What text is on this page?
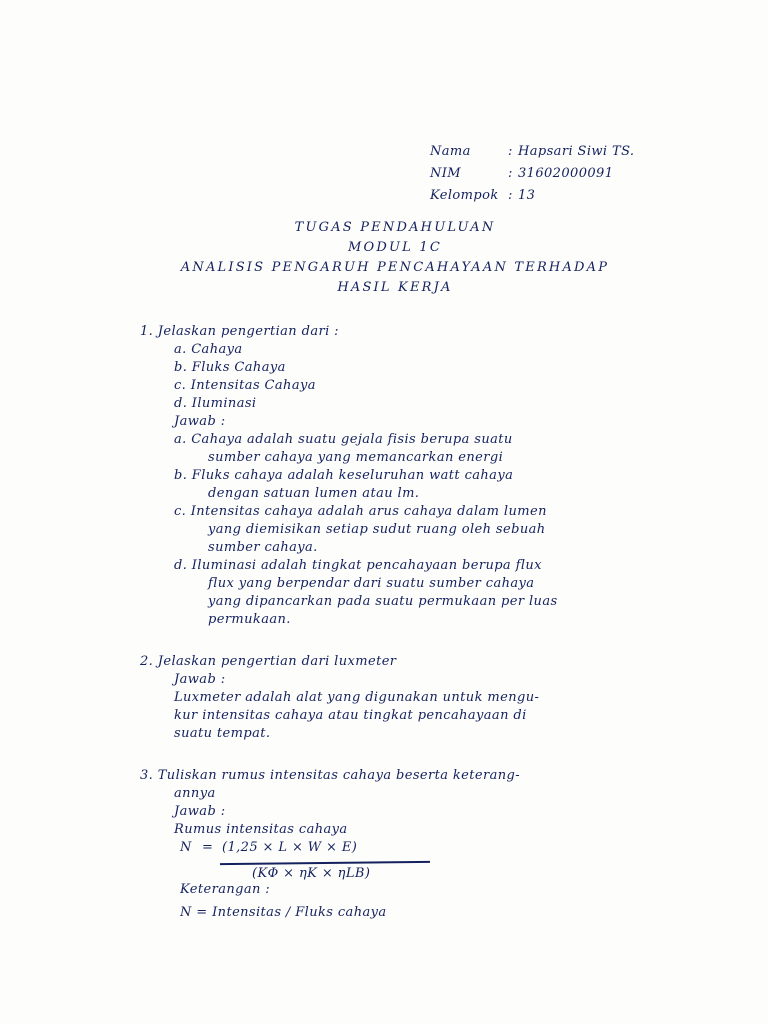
Nama	: Hapsari Siwi TS.
NIM	: 31602000091
Kelompok : 13
TUGAS PENDAHULUAN
MODUL 1C
ANALISIS PENGARUH PENCAHAYAAN TERHADAP
HASIL KERJA
1. Jelaskan pengertian dari :
a. Cahaya
b. Fluks Cahaya
c. Intensitas Cahaya
d. Iluminasi
Jawab :
a. Cahaya adalah suatu gejala fisis berupa suatu
sumber cahaya yang memancarkan energi
b. Fluks cahaya adalah keseluruhan watt cahaya
dengan satuan lumen atau lm.
c. Intensitas cahaya adalah arus cahaya dalam lumen
yang diemisikan setiap sudut ruang oleh sebuah
sumber cahaya.
d. Iluminasi adalah tingkat pencahayaan berupa flux
flux yang berpendar dari suatu sumber cahaya
yang dipancarkan pada suatu permukaan per luas
permukaan.
2. Jelaskan pengertian dari luxmeter
Jawab :
Luxmeter adalah alat yang digunakan untuk mengu-
kur intensitas cahaya atau tingkat pencahayaan di
suatu tempat.
3. Tuliskan rumus intensitas cahaya beserta keterang-
annya
Jawab :
Rumus intensitas cahaya
N = (1,25 × L × W × E)
(KΦ × ηK × ηLB)
Keterangan :
N = Intensitas / Fluks cahaya
